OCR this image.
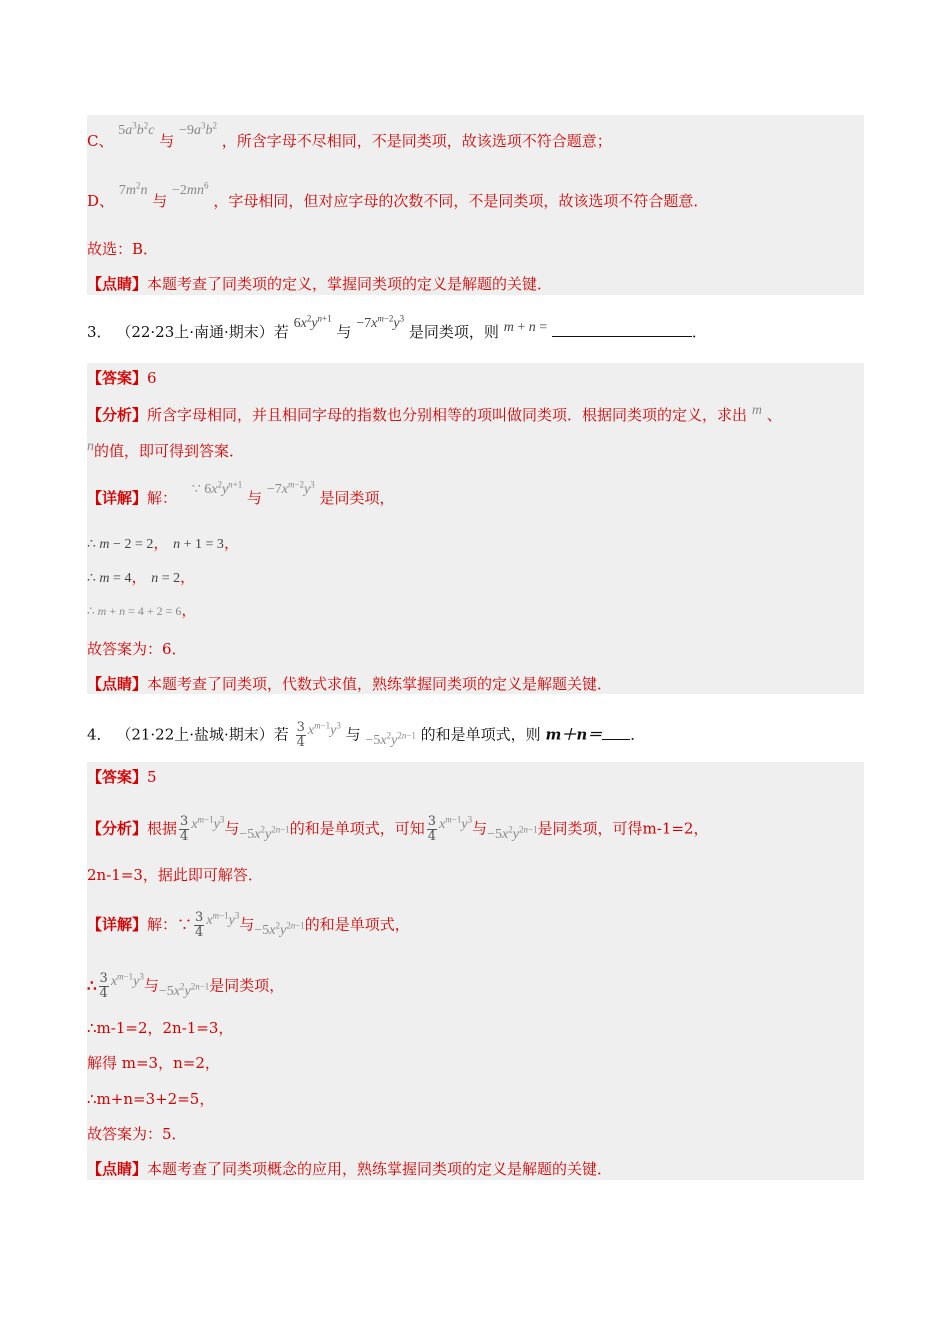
C、 $5a^3b^2c$ 与 $-9a^3b^2$ ，所含字母不尽相同，不是同类项，故该选项不符合题意；
D、 $7m^2n$ 与 $-2mn^6$ ，字母相同，但对应字母的次数不同，不是同类项，故该选项不符合题意．
故选：B．
【点睛】本题考查了同类项的定义，掌握同类项的定义是解题的关键．
3． （22·23上·南通·期末）若 $6x^2y^{n+1}$ 与 $-7x^{m-2}y^3$ 是同类项，则 m + n =	．
【答案】6
【分析】所含字母相同，并且相同字母的指数也分别相等的项叫做同类项．根据同类项的定义，求出 m 、
n的值，即可得到答案．
【详解】解： ∵ $6x^2y^{n+1}$ 与 $-7x^{m-2}y^3$ 是同类项，
∴ m − 2 = 2， n + 1 = 3，
∴ m = 4， n = 2，
∴ m + n = 4 + 2 = 6，
故答案为：6．
【点睛】本题考查了同类项，代数式求值，熟练掌握同类项的定义是解题关键．
4． （21·22上·盐城·期末）若 $\frac{3}{4} x^{m-1}y^3$ 与 $-5x^2y^{2n-1}$ 的和是单项式，则 m＋n＝ ．
【答案】5
【分析】根据 $\frac{3}{4} x^{m-1}y^3$与$-5x^2y^{2n-1}$的和是单项式，可知 $\frac{3}{4} x^{m-1}y^3$与$-5x^2y^{2n-1}$是同类项，可得m-1=2，
2n-1=3，据此即可解答．
【详解】解：∵ $\frac{3}{4} x^{m-1}y^3$与$-5x^2y^{2n-1}$的和是单项式，
∴ $\frac{3}{4} x^{m-1}y^3$与$-5x^2y^{2n-1}$是同类项，
∴m-1=2，2n-1=3，
解得 m=3，n=2，
∴m+n=3+2=5，
故答案为：5．
【点睛】本题考查了同类项概念的应用，熟练掌握同类项的定义是解题的关键．
